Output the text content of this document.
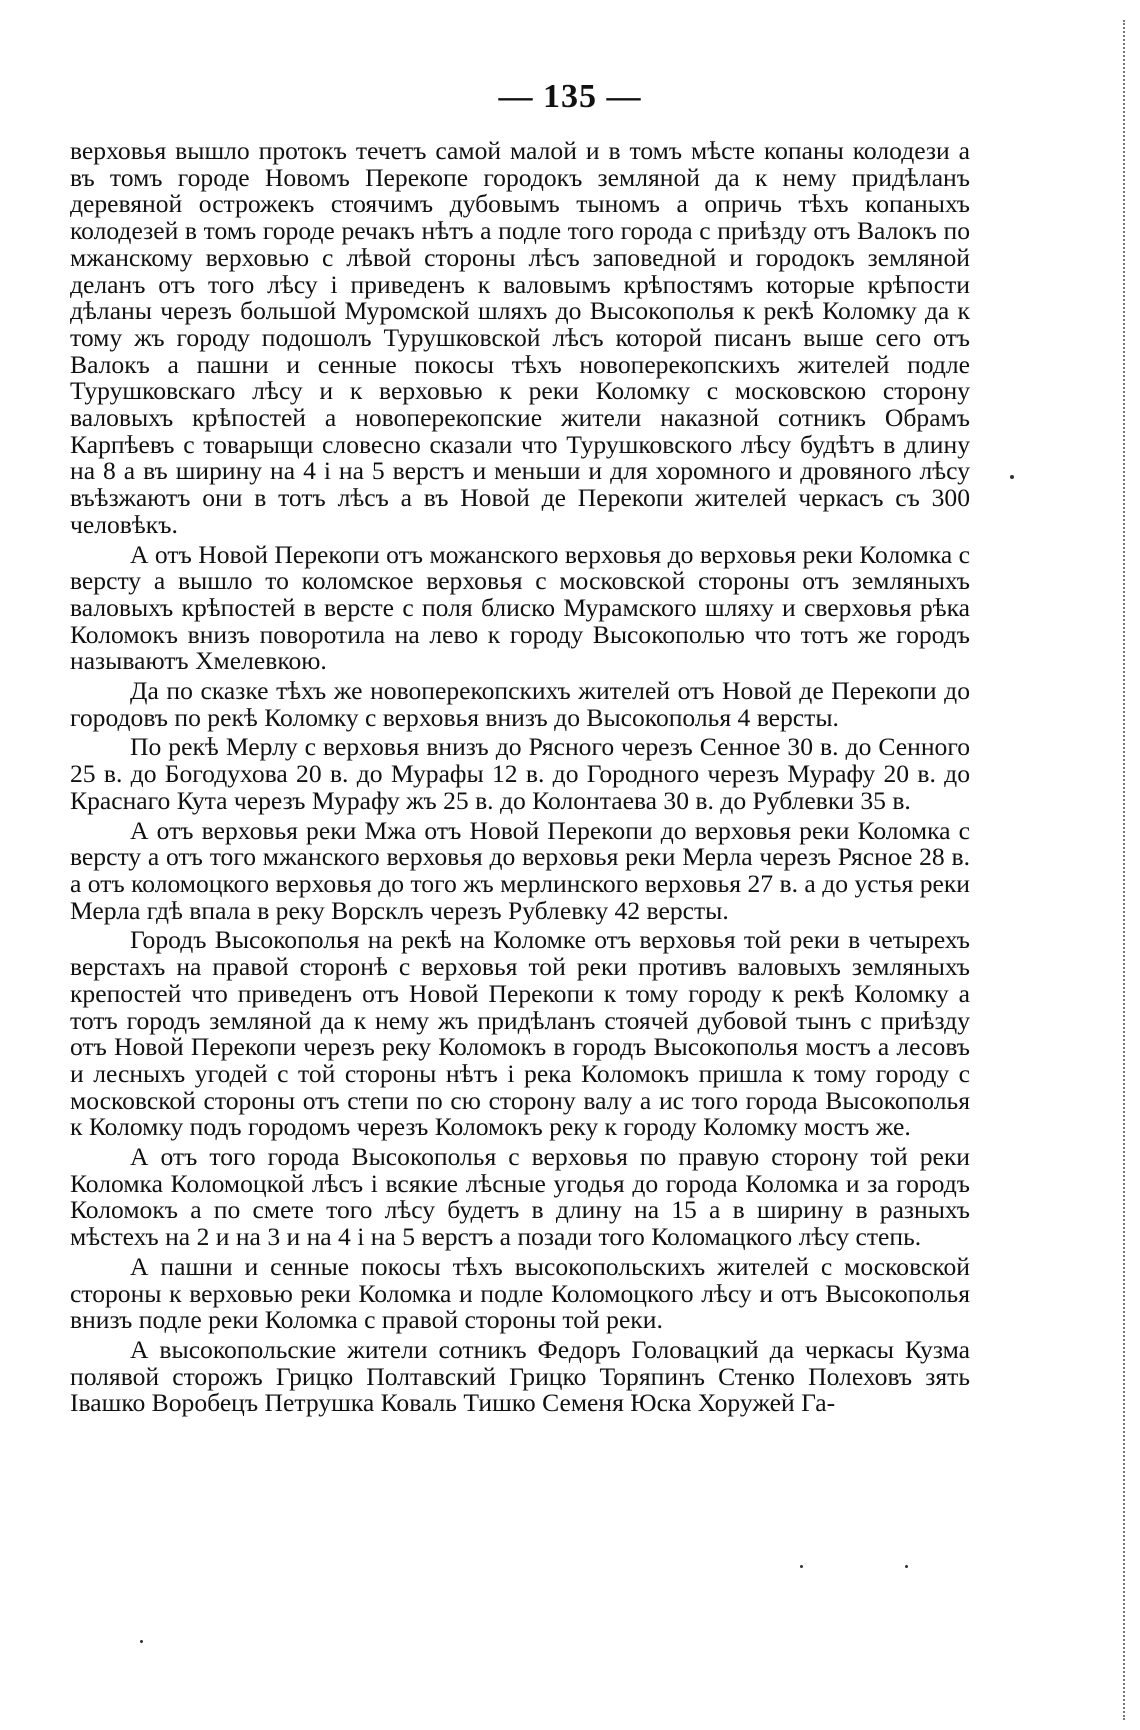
— 135 —

верховья вышло протокъ течетъ самой малой и в томъ мѣсте копаны колодези а въ томъ городе Новомъ Перекопе городокъ земляной да к нему придѣланъ деревяной острожекъ стоячимъ дубовымъ тыномъ а опричь тѣхъ копаныхъ колодезей в томъ городе речакъ нѣтъ а подле того города с приѣзду отъ Валокъ по мжанскому верховью с лѣвой стороны лѣсъ заповедной и городокъ земляной деланъ отъ того лѣсу і приведенъ к валовымъ крѣпостямъ которые крѣпости дѣланы черезъ большой Муромской шляхъ до Высокополья к рекѣ Коломку да к тому жъ городу подошолъ Турушковской лѣсъ которой писанъ выше сего отъ Валокъ а пашни и сенные покосы тѣхъ новоперекопскихъ жителей подле Турушковскаго лѣсу и к верховью к реки Коломку с московскою сторону валовыхъ крѣпостей а новоперекопские жители наказной сотникъ Обрамъ Карпѣевъ с товарыщи словесно сказали что Турушковского лѣсу будѣтъ в длину на 8 а въ ширину на 4 і на 5 верстъ и меньши и для хоромного и дровяного лѣсу въѣзжаютъ они в тотъ лѣсъ а въ Новой де Перекопи жителей черкасъ съ 300 человѣкъ.

А отъ Новой Перекопи отъ можанского верховья до верховья реки Коломка с версту а вышло то коломское верховья с московской стороны отъ земляныхъ валовыхъ крѣпостей в версте с поля блиско Мурамского шляху и сверховья рѣка Коломокъ внизъ поворотила на лево к городу Высокополью что тотъ же городъ называютъ Хмелевкою.

Да по сказке тѣхъ же новоперекопскихъ жителей отъ Новой де Перекопи до городовъ по рекѣ Коломку с верховья внизъ до Высокополья 4 версты.

По рекѣ Мерлу с верховья внизъ до Рясного черезъ Сенное 30 в. до Сенного 25 в. до Богодухова 20 в. до Мурафы 12 в. до Городного черезъ Мурафу 20 в. до Краснаго Кута черезъ Мурафу жъ 25 в. до Колонтаева 30 в. до Рублевки 35 в.

А отъ верховья реки Мжа отъ Новой Перекопи до верховья реки Коломка с версту а отъ того мжанского верховья до верховья реки Мерла черезъ Рясное 28 в. а отъ коломоцкого верховья до того жъ мерлинского верховья 27 в. а до устья реки Мерла гдѣ впала в реку Ворсклъ черезъ Рублевку 42 версты.

Городъ Высокополья на рекѣ на Коломке отъ верховья той реки в четырехъ верстахъ на правой сторонѣ с верховья той реки противъ валовыхъ земляныхъ крепостей что приведенъ отъ Новой Перекопи к тому городу к рекѣ Коломку а тотъ городъ земляной да к нему жъ придѣланъ стоячей дубовой тынъ с приѣзду отъ Новой Перекопи черезъ реку Коломокъ в городъ Высокополья мостъ а лесовъ и лесныхъ угодей с той стороны нѣтъ і река Коломокъ пришла к тому городу с московской стороны отъ степи по сю сторону валу а ис того города Высокополья к Коломку подъ городомъ черезъ Коломокъ реку к городу Коломку мостъ же.

А отъ того города Высокополья с верховья по правую сторону той реки Коломка Коломоцкой лѣсъ і всякие лѣсные угодья до города Коломка и за городъ Коломокъ а по смете того лѣсу будетъ в длину на 15 а в ширину в разныхъ мѣстехъ на 2 и на 3 и на 4 і на 5 верстъ а позади того Коломацкого лѣсу степь.

А пашни и сенные покосы тѣхъ высокопольскихъ жителей с московской стороны к верховью реки Коломка и подле Коломоцкого лѣсу и отъ Высокополья внизъ подле реки Коломка с правой стороны той реки.

А высокопольские жители сотникъ Федоръ Головацкий да черкасы Кузма полявой сторожъ Грицко Полтавский Грицко Торяпинъ Стенко Полеховъ зять Івашко Воробецъ Петрушка Коваль Тишко Семеня Юска Хоружей Га-
